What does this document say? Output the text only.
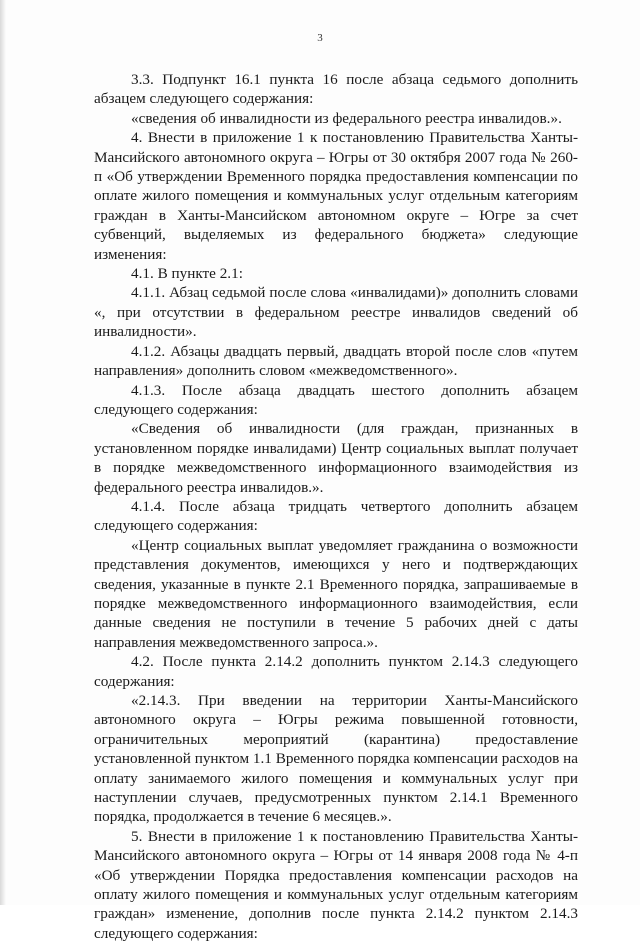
3

3.3. Подпункт 16.1 пункта 16 после абзаца седьмого дополнить абзацем следующего содержания:

«сведения об инвалидности из федерального реестра инвалидов.».

4. Внести в приложение 1 к постановлению Правительства Ханты-Мансийского автономного округа – Югры от 30 октября 2007 года № 260-п «Об утверждении Временного порядка предоставления компенсации по оплате жилого помещения и коммунальных услуг отдельным категориям граждан в Ханты-Мансийском автономном округе – Югре за счет субвенций, выделяемых из федерального бюджета» следующие изменения:

4.1. В пункте 2.1:

4.1.1. Абзац седьмой после слова «инвалидами)» дополнить словами «, при отсутствии в федеральном реестре инвалидов сведений об инвалидности».

4.1.2. Абзацы двадцать первый, двадцать второй после слов «путем направления» дополнить словом «межведомственного».

4.1.3. После абзаца двадцать шестого дополнить абзацем следующего содержания:

«Сведения об инвалидности (для граждан, признанных в установленном порядке инвалидами) Центр социальных выплат получает в порядке межведомственного информационного взаимодействия из федерального реестра инвалидов.».

4.1.4. После абзаца тридцать четвертого дополнить абзацем следующего содержания:

«Центр социальных выплат уведомляет гражданина о возможности представления документов, имеющихся у него и подтверждающих сведения, указанные в пункте 2.1 Временного порядка, запрашиваемые в порядке межведомственного информационного взаимодействия, если данные сведения не поступили в течение 5 рабочих дней с даты направления межведомственного запроса.».

4.2. После пункта 2.14.2 дополнить пунктом 2.14.3 следующего содержания:

«2.14.3. При введении на территории Ханты-Мансийского автономного округа – Югры режима повышенной готовности, ограничительных мероприятий (карантина) предоставление установленной пунктом 1.1 Временного порядка компенсации расходов на оплату занимаемого жилого помещения и коммунальных услуг при наступлении случаев, предусмотренных пунктом 2.14.1 Временного порядка, продолжается в течение 6 месяцев.».

5. Внести в приложение 1 к постановлению Правительства Ханты-Мансийского автономного округа – Югры от 14 января 2008 года № 4-п «Об утверждении Порядка предоставления компенсации расходов на оплату жилого помещения и коммунальных услуг отдельным категориям граждан» изменение, дополнив после пункта 2.14.2 пунктом 2.14.3 следующего содержания:
